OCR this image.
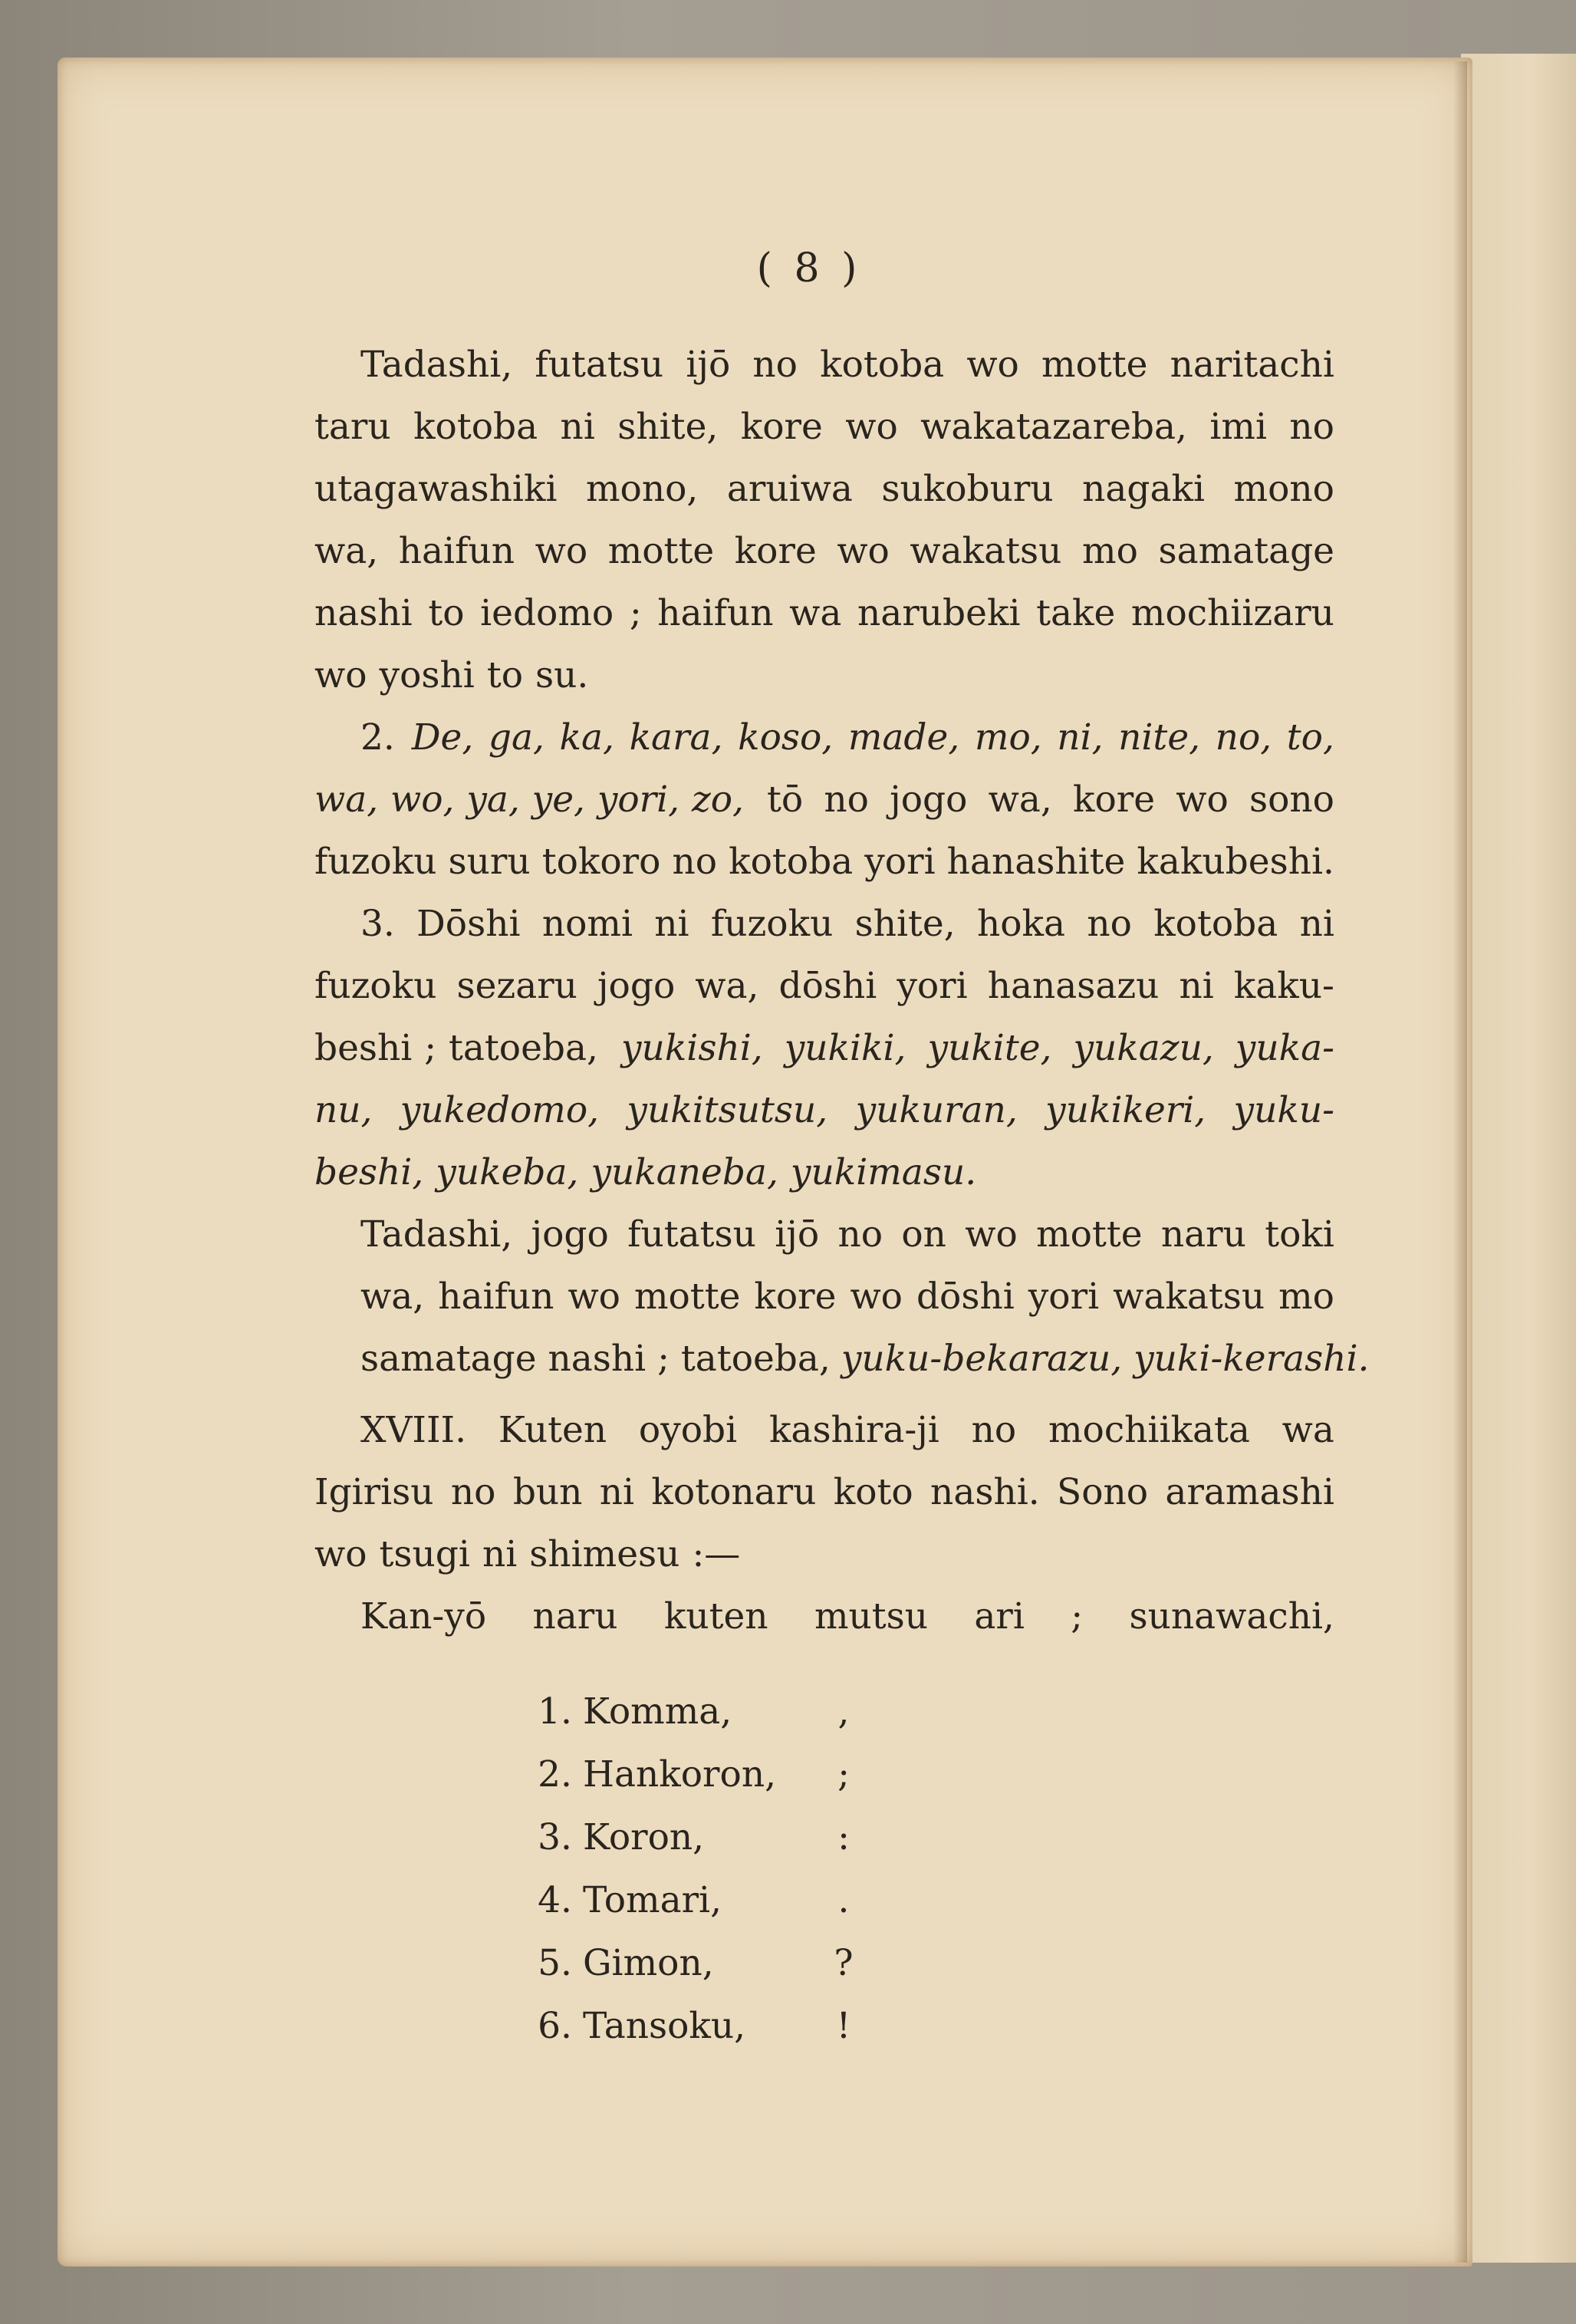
( 8 )
Tadashi, futatsu ijō no kotoba wo motte naritachi
taru kotoba ni shite, kore wo wakatazareba, imi no
utagawashiki mono, aruiwa sukoburu nagaki mono
wa, haifun wo motte kore wo wakatsu mo samatage
nashi to iedomo ; haifun wa narubeki take mochiizaru
wo yoshi to su.
2. De, ga, ka, kara, koso, made, mo, ni, nite, no, to,
wa, wo, ya, ye, yori, zo, tō no jogo wa, kore wo sono
fuzoku suru tokoro no kotoba yori hanashite kakubeshi.
3. Dōshi nomi ni fuzoku shite, hoka no kotoba ni
fuzoku sezaru jogo wa, dōshi yori hanasazu ni kaku-
beshi ; tatoeba, yukishi, yukiki, yukite, yukazu, yuka-
nu, yukedomo, yukitsutsu, yukuran, yukikeri, yuku-
beshi, yukeba, yukaneba, yukimasu.
Tadashi, jogo futatsu ijō no on wo motte naru toki
wa, haifun wo motte kore wo dōshi yori wakatsu mo
samatage nashi ; tatoeba, yuku-bekarazu, yuki-kerashi.
XVIII. Kuten oyobi kashira-ji no mochiikata wa
Igirisu no bun ni kotonaru koto nashi. Sono aramashi
wo tsugi ni shimesu :—
Kan-yō naru kuten mutsu ari ; sunawachi,
1. Komma,	,
2. Hankoron,	;
3. Koron,	:
4. Tomari,	.
5. Gimon,	?
6. Tansoku,	!
